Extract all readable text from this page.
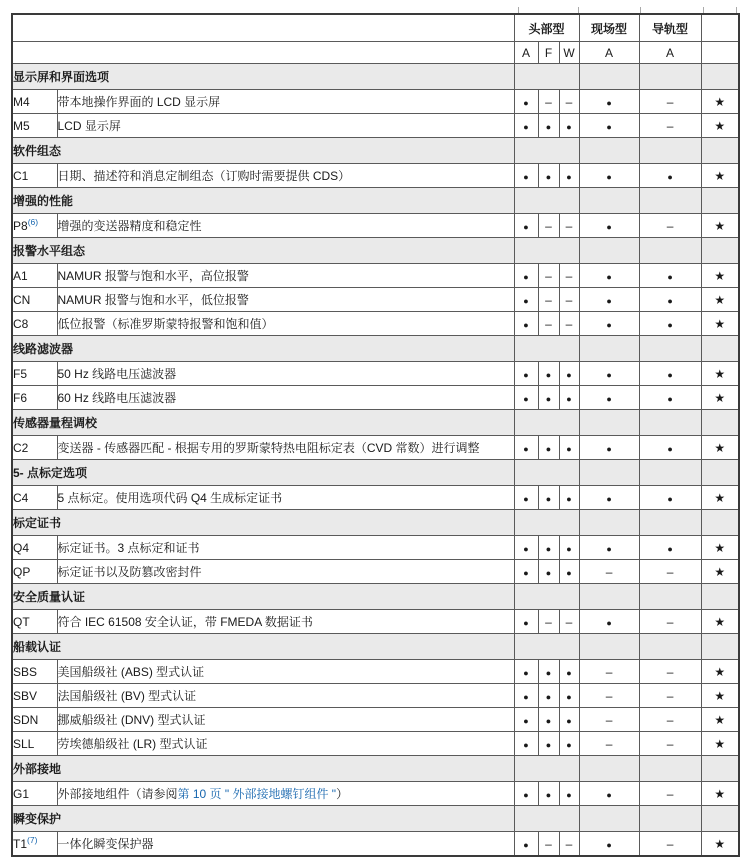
		头部型			现场型	导轨型	
		A	F	W	A	A	
显示屏和界面选项							
M4	带本地操作界面的 LCD 显示屏	●	–	–	●	–	★
M5	LCD 显示屏	●	●	●	●	–	★
软件组态							
C1	日期、描述符和消息定制组态（订购时需要提供 CDS）	●	●	●	●	●	★
增强的性能							
P8$^{(6)}$	增强的变送器精度和稳定性	●	–	–	●	–	★
报警水平组态							
A1	NAMUR 报警与饱和水平，高位报警	●	–	–	●	●	★
CN	NAMUR 报警与饱和水平，低位报警	●	–	–	●	●	★
C8	低位报警（标准罗斯蒙特报警和饱和值）	●	–	–	●	●	★
线路滤波器							
F5	50 Hz 线路电压滤波器	●	●	●	●	●	★
F6	60 Hz 线路电压滤波器	●	●	●	●	●	★
传感器量程调校							
C2	变送器 - 传感器匹配 - 根据专用的罗斯蒙特热电阻标定表（CVD 常数）进行调整	●	●	●	●	●	★
5- 点标定选项							
C4	5 点标定。使用选项代码 Q4 生成标定证书	●	●	●	●	●	★
标定证书							
Q4	标定证书。3 点标定和证书	●	●	●	●	●	★
QP	标定证书以及防篡改密封件	●	●	●	–	–	★
安全质量认证							
QT	符合 IEC 61508 安全认证，带 FMEDA 数据证书	●	–	–	●	–	★
船载认证							
SBS	美国船级社 (ABS) 型式认证	●	●	●	–	–	★
SBV	法国船级社 (BV) 型式认证	●	●	●	–	–	★
SDN	挪威船级社 (DNV) 型式认证	●	●	●	–	–	★
SLL	劳埃德船级社 (LR) 型式认证	●	●	●	–	–	★
外部接地							
G1	外部接地组件（请参阅第 10 页 " 外部接地螺钉组件 "）	●	●	●	●	–	★
瞬变保护							
T1$^{(7)}$	一体化瞬变保护器	●	–	–	●	–	★
